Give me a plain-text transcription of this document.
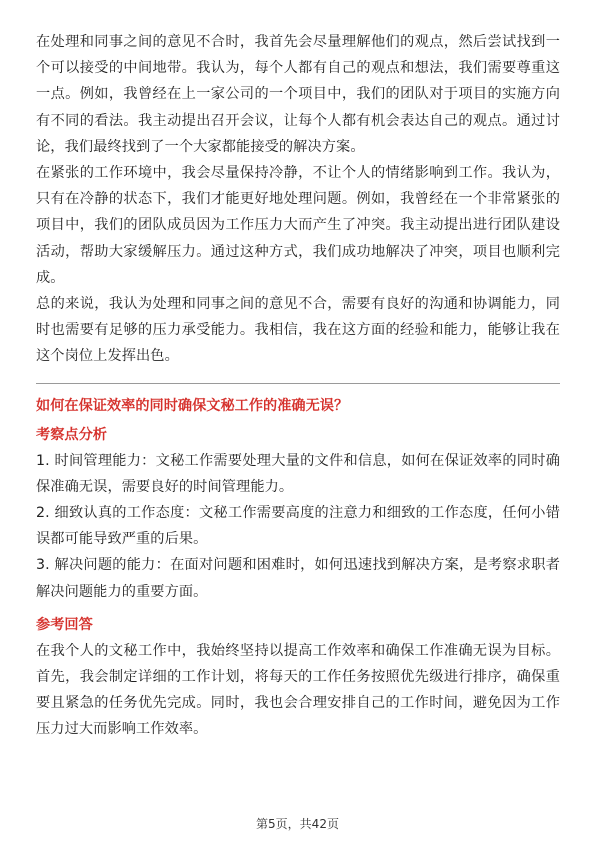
在处理和同事之间的意见不合时，我首先会尽量理解他们的观点，然后尝试找到一个可以接受的中间地带。我认为，每个人都有自己的观点和想法，我们需要尊重这一点。例如，我曾经在上一家公司的一个项目中，我们的团队对于项目的实施方向有不同的看法。我主动提出召开会议，让每个人都有机会表达自己的观点。通过讨论，我们最终找到了一个大家都能接受的解决方案。

在紧张的工作环境中，我会尽量保持冷静，不让个人的情绪影响到工作。我认为，只有在冷静的状态下，我们才能更好地处理问题。例如，我曾经在一个非常紧张的项目中，我们的团队成员因为工作压力大而产生了冲突。我主动提出进行团队建设活动，帮助大家缓解压力。通过这种方式，我们成功地解决了冲突，项目也顺利完成。

总的来说，我认为处理和同事之间的意见不合，需要有良好的沟通和协调能力，同时也需要有足够的压力承受能力。我相信，我在这方面的经验和能力，能够让我在这个岗位上发挥出色。

如何在保证效率的同时确保文秘工作的准确无误？

考察点分析

1. 时间管理能力：文秘工作需要处理大量的文件和信息，如何在保证效率的同时确保准确无误，需要良好的时间管理能力。

2. 细致认真的工作态度：文秘工作需要高度的注意力和细致的工作态度，任何小错误都可能导致严重的后果。

3. 解决问题的能力：在面对问题和困难时，如何迅速找到解决方案，是考察求职者解决问题能力的重要方面。

参考回答

在我个人的文秘工作中，我始终坚持以提高工作效率和确保工作准确无误为目标。首先，我会制定详细的工作计划，将每天的工作任务按照优先级进行排序，确保重要且紧急的任务优先完成。同时，我也会合理安排自己的工作时间，避免因为工作压力过大而影响工作效率。

第5页，共42页
